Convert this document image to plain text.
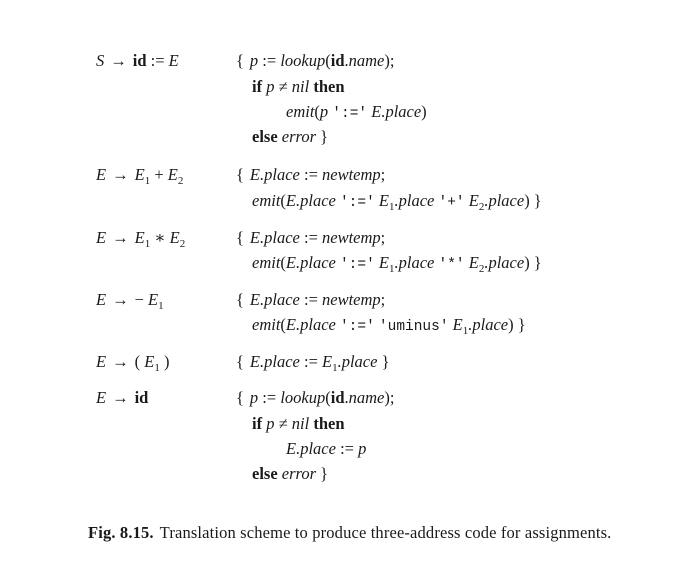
S → id := E	{ p := lookup(id.name);
if p ≠ nil then
emit(p ':=' E.place)
else error }
$E \to E_1 + E_2$	{ E.place := newtemp;
emit(E.place ':=' $E_1.place$ '+' $E_2.place$) }
$E \to E_1$ ∗ $E_2$	{ E.place := newtemp;
emit(E.place ':=' $E_1.place$ '*' $E_2.place$) }
E → − $E_1$	{ E.place := newtemp;
emit(E.place ':=' 'uminus' $E_1.place$) }
E → ( $E_1$ )	{ E.place := $E_1.place$ }
E → id	{ p := lookup(id.name);
if p ≠ nil then
E.place := p
else error }
Fig. 8.15. Translation scheme to produce three-address code for assignments.
